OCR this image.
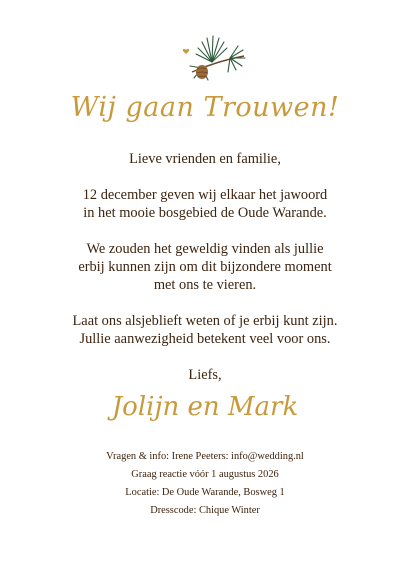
Wij gaan Trouwen!

Lieve vrienden en familie,

12 december geven wij elkaar het jawoord
in het mooie bosgebied de Oude Warande.

We zouden het geweldig vinden als jullie
erbij kunnen zijn om dit bijzondere moment
met ons te vieren.

Laat ons alsjeblieft weten of je erbij kunt zijn.
Jullie aanwezigheid betekent veel voor ons.

Liefs,

Jolijn en Mark
Vragen & info: Irene Peeters: info@wedding.nl
Graag reactie vóór 1 augustus 2026
Locatie: De Oude Warande, Bosweg 1
Dresscode: Chique Winter
